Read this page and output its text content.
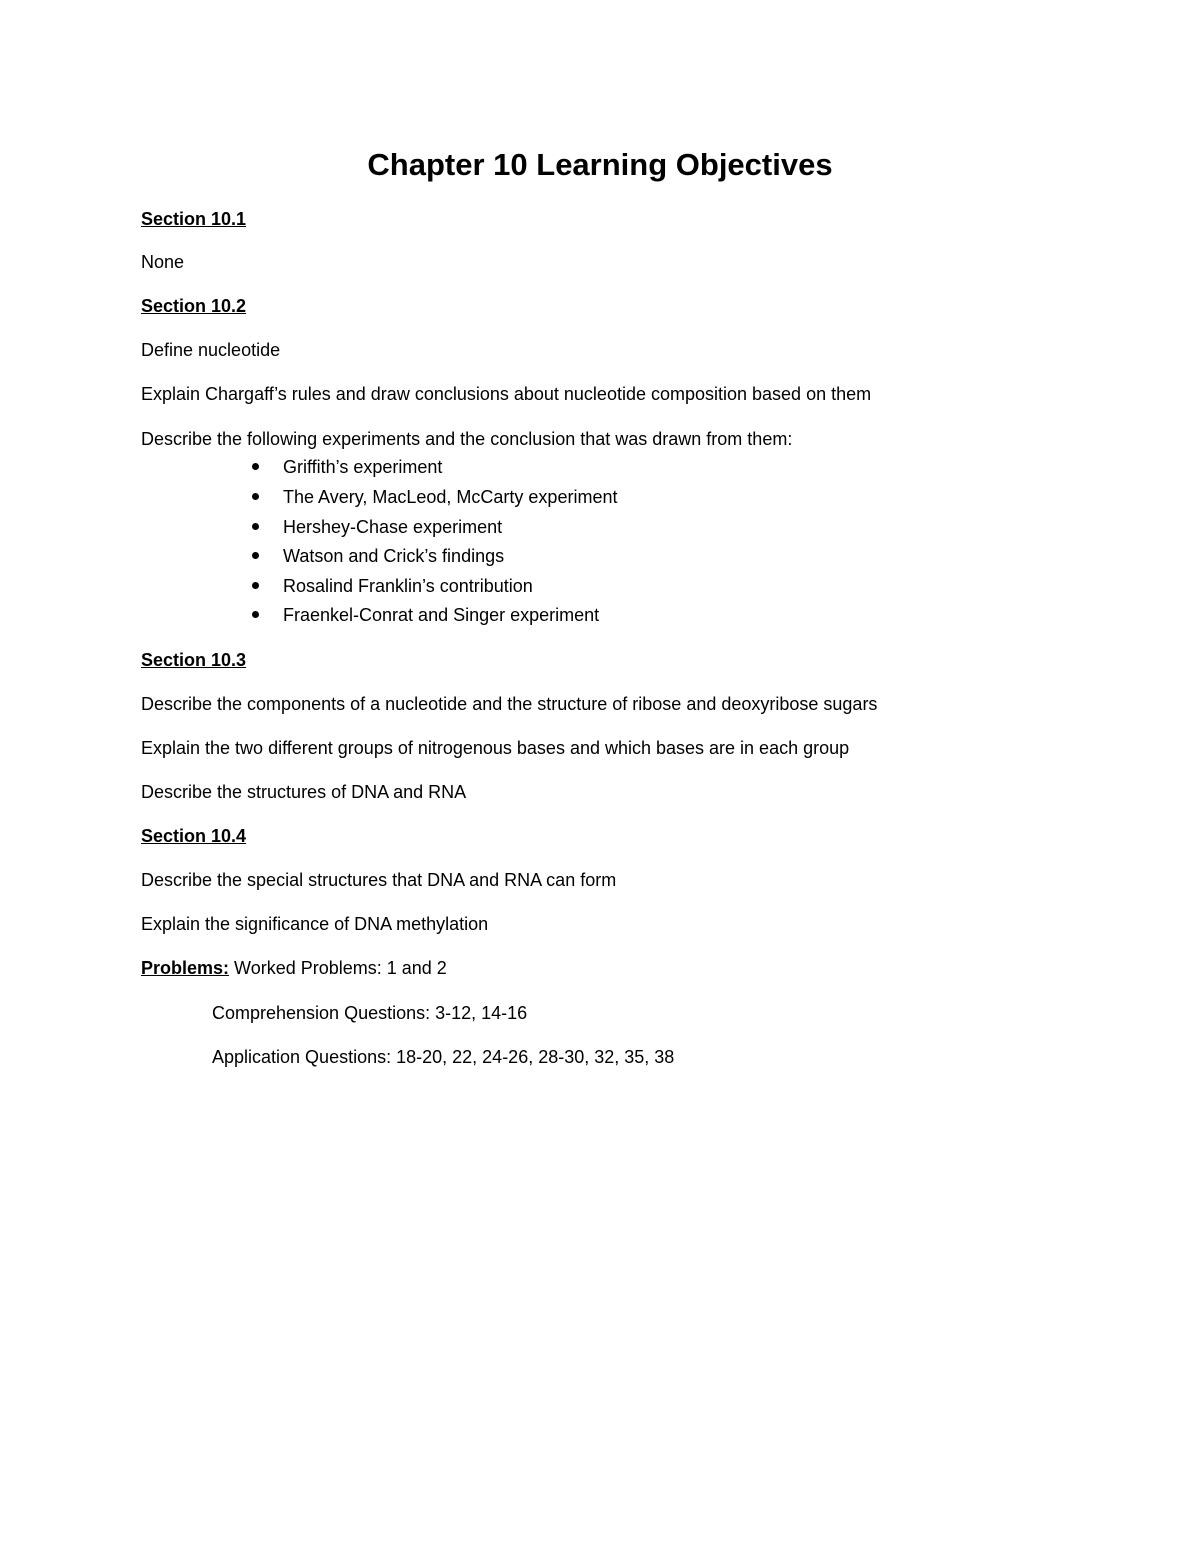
Chapter 10 Learning Objectives

Section 10.1

None

Section 10.2

Define nucleotide

Explain Chargaff’s rules and draw conclusions about nucleotide composition based on them

Describe the following experiments and the conclusion that was drawn from them:

Griffith’s experiment
The Avery, MacLeod, McCarty experiment
Hershey-Chase experiment
Watson and Crick’s findings
Rosalind Franklin’s contribution
Fraenkel-Conrat and Singer experiment

Section 10.3

Describe the components of a nucleotide and the structure of ribose and deoxyribose sugars

Explain the two different groups of nitrogenous bases and which bases are in each group

Describe the structures of DNA and RNA

Section 10.4

Describe the special structures that DNA and RNA can form

Explain the significance of DNA methylation

Problems: Worked Problems: 1 and 2

Comprehension Questions: 3-12, 14-16

Application Questions: 18-20, 22, 24-26, 28-30, 32, 35, 38
